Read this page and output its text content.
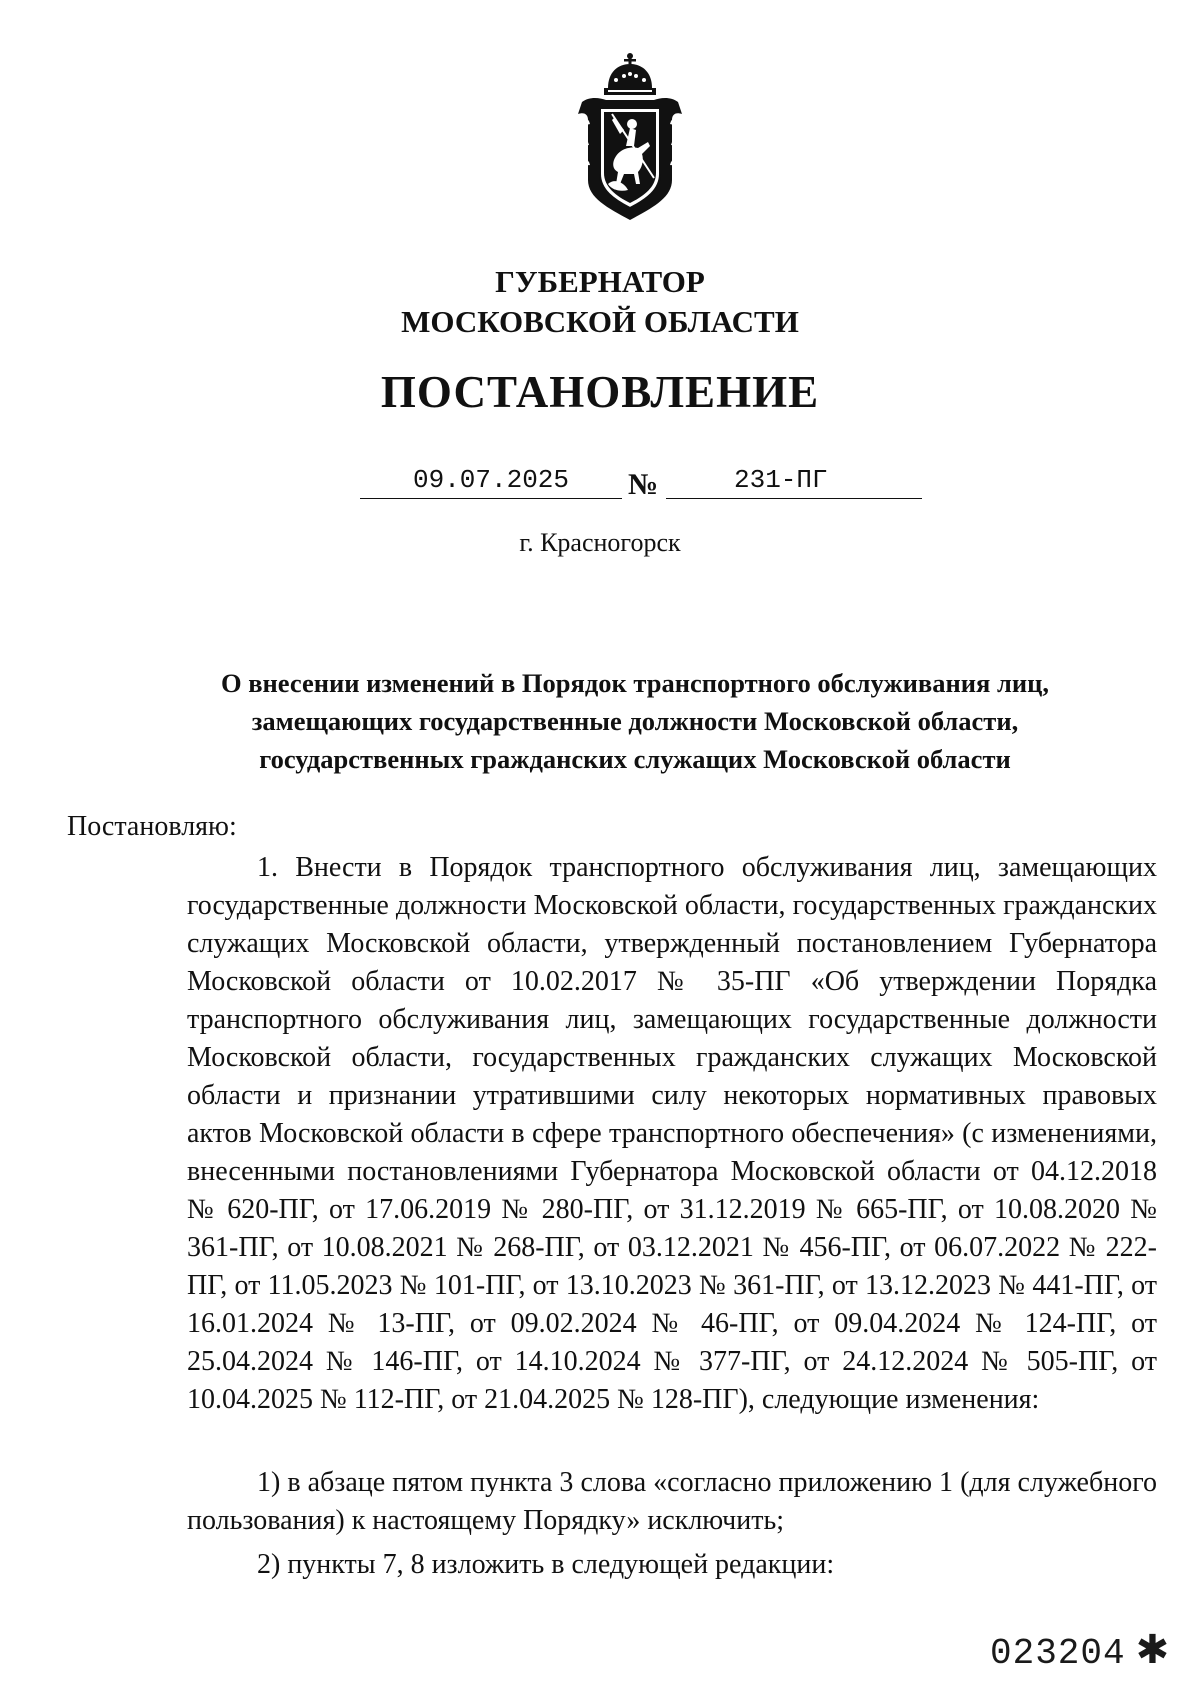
ГУБЕРНАТОР
МОСКОВСКОЙ ОБЛАСТИ
ПОСТАНОВЛЕНИЕ
09.07.2025	№	231-ПГ
г. Красногорск
О внесении изменений в Порядок транспортного обслуживания лиц, замещающих государственные должности Московской области, государственных гражданских служащих Московской области
Постановляю:

1. Внести в Порядок транспортного обслуживания лиц, замещающих государственные должности Московской области, государственных гражданских служащих Московской области, утвержденный постановлением Губернатора Московской области от 10.02.2017 № 35-ПГ «Об утверждении Порядка транспортного обслуживания лиц, замещающих государственные должности Московской области, государственных гражданских служащих Московской области и признании утратившими силу некоторых нормативных правовых актов Московской области в сфере транспортного обеспечения» (с изменениями, внесенными постановлениями Губернатора Московской области от 04.12.2018 № 620-ПГ, от 17.06.2019 № 280-ПГ, от 31.12.2019 № 665-ПГ, от 10.08.2020 № 361-ПГ, от 10.08.2021 № 268-ПГ, от 03.12.2021 № 456-ПГ, от 06.07.2022 № 222-ПГ, от 11.05.2023 № 101-ПГ, от 13.10.2023 № 361-ПГ, от 13.12.2023 № 441-ПГ, от 16.01.2024 № 13-ПГ, от 09.02.2024 № 46-ПГ, от 09.04.2024 № 124-ПГ, от 25.04.2024 № 146-ПГ, от 14.10.2024 № 377-ПГ, от 24.12.2024 № 505-ПГ, от 10.04.2025 № 112-ПГ, от 21.04.2025 № 128-ПГ), следующие изменения:

1) в абзаце пятом пункта 3 слова «согласно приложению 1 (для служебного пользования) к настоящему Порядку» исключить;

2) пункты 7, 8 изложить в следующей редакции:

023204 ✱
